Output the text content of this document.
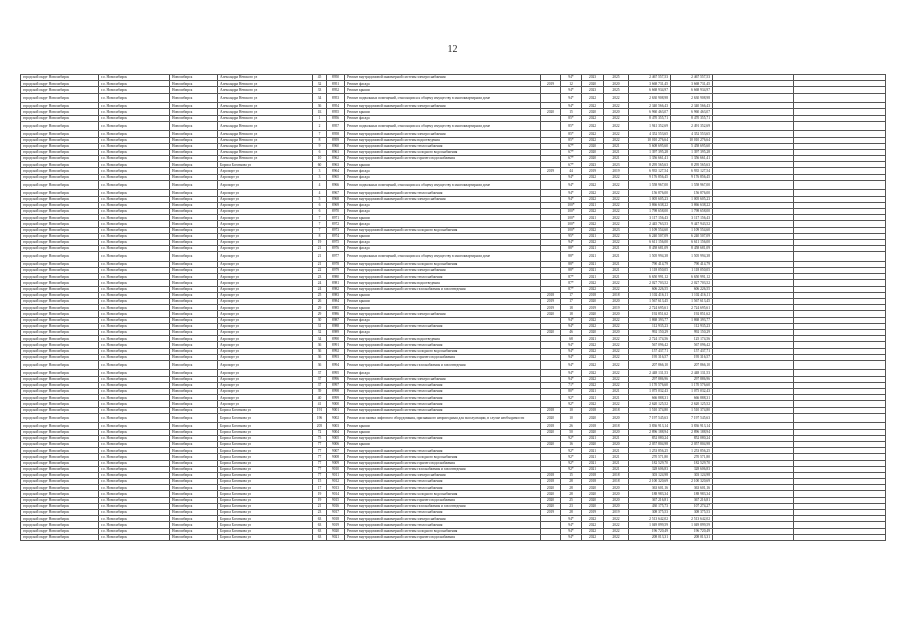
12
городской округ Новосибирск	г.о. Новосибирск	Новосибирск	Александра Невского ул	45	8950	Ремонт внутридомовой инженерной системы электроснабжения		94*	2023	2025	2 467 557,53	2 467 557,53		
городской округ Новосибирск	г.о. Новосибирск	Новосибирск	Александра Невского ул	32	8951	Ремонт фасада	2019	12	2020	2020	3 668 731,45	3 668 731,45		
городской округ Новосибирск	г.о. Новосибирск	Новосибирск	Александра Невского ул	33	8952	Ремонт крыши		94*	2023	2025	6 668 934,97	6 668 934,97		
городской округ Новосибирск	г.о. Новосибирск	Новосибирск	Александра Невского ул	34	8953	Ремонт подвальных помещений, относящихся к общему имуществу в многоквартирном доме		94*	2022	2022	2 630 908,98	2 630 908,98		
городской округ Новосибирск	г.о. Новосибирск	Новосибирск	Александра Невского ул	36	8954	Ремонт внутридомовой инженерной системы электроснабжения		94*	2022	2022	2 340 566,43	2 340 566,43		
городской округ Новосибирск	г.о. Новосибирск	Новосибирск	Александра Невского ул	1Б	8955	Ремонт крыши	2020	15	2020	2020	6 960 463,07	6 960 463,07		
городской округ Новосибирск	г.о. Новосибирск	Новосибирск	Александра Невского ул	1	8956	Ремонт фасада		85*	2022	2022	8 470 355,71	8 470 355,71		
городской округ Новосибирск	г.о. Новосибирск	Новосибирск	Александра Невского ул	2	8957	Ремонт подвальных помещений, относящихся к общему имуществу в многоквартирном доме		85*	2022	2022	1 941 352,69	2 491 352,69		
городской округ Новосибирск	г.о. Новосибирск	Новосибирск	Александра Невского ул	7	8958	Ремонт внутридомовой инженерной системы электроснабжения		85*	2022	2022	4 352 553,65	4 352 553,65		
городской округ Новосибирск	г.о. Новосибирск	Новосибирск	Александра Невского ул	8	8959	Ремонт внутридомовой инженерной системы водоотведения		85*	2022	2022	10 010 276,64	10 010 276,64		
городской округ Новосибирск	г.о. Новосибирск	Новосибирск	Александра Невского ул	9	8960	Ремонт внутридомовой инженерной системы теплоснабжения		67*	2020	2021	5 608 695,60	5 458 695,60		
городской округ Новосибирск	г.о. Новосибирск	Новосибирск	Александра Невского ул	6	8961	Ремонт внутридомовой инженерной системы холодного водоснабжения		67*	2020	2021	1 397 395,28	1 397 395,28		
городской округ Новосибирск	г.о. Новосибирск	Новосибирск	Александра Невского ул	10	8962	Ремонт внутридомовой инженерной системы горячего водоснабжения		67*	2020	2021	1 356 661,41	1 356 661,41		
городской округ Новосибирск	г.о. Новосибирск	Новосибирск	Бориса Богаткова ул	60	8963	Ремонт крыши		67*	2023	2023	8 295 565,63	8 295 565,63		
городской округ Новосибирск	г.о. Новосибирск	Новосибирск	Аэропорт ул	3	8964	Ремонт фасада	2019	44	2019	2019	6 935 127,54	6 935 127,54		
городской округ Новосибирск	г.о. Новосибирск	Новосибирск	Аэропорт ул	3	8965	Ремонт фасада		94*	2022	2022	9 176 856,45	9 176 856,45		
городской округ Новосибирск	г.о. Новосибирск	Новосибирск	Аэропорт ул	4	8966	Ремонт подвальных помещений, относящихся к общему имуществу в многоквартирном доме		94*	2022	2022	1 558 967,00	1 558 967,00		
городской округ Новосибирск	г.о. Новосибирск	Новосибирск	Аэропорт ул	4	8967	Ремонт внутридомовой инженерной системы теплоснабжения		94*	2022	2022	156 876,00	156 876,00		
городской округ Новосибирск	г.о. Новосибирск	Новосибирск	Аэропорт ул	5	8968	Ремонт внутридомовой инженерной системы электроснабжения		94*	2022	2022	1 005 605,23	1 005 605,23		
городской округ Новосибирск	г.о. Новосибирск	Новосибирск	Аэропорт ул	6	8969	Ремонт фасада		100*	2021	2022	3 866 638,22	3 866 638,22		
городской округ Новосибирск	г.о. Новосибирск	Новосибирск	Аэропорт ул	6	8970	Ремонт фасада		100*	2022	2022	1 798 658,00	1 798 658,00		
городской округ Новосибирск	г.о. Новосибирск	Новосибирск	Аэропорт ул	7	8971	Ремонт крыши		100*	2021	2022	3 117 156,43	3 117 156,43		
городской округ Новосибирск	г.о. Новосибирск	Новосибирск	Аэропорт ул	7	8972	Ремонт фасада		100*	2022	2022	2 445 763,53	9 447 943,52		
городской округ Новосибирск	г.о. Новосибирск	Новосибирск	Аэропорт ул	7	8973	Ремонт внутридомовой инженерной системы холодного водоснабжения		100*	2022	2023	1 109 554,60	1 109 554,60		
городской округ Новосибирск	г.о. Новосибирск	Новосибирск	Аэропорт ул	8	8974	Ремонт крыши		95*	2021	2022	6 240 507,09	6 240 507,09		
городской округ Новосибирск	г.о. Новосибирск	Новосибирск	Аэропорт ул	19	8975	Ремонт фасада		94*	2022	2022	6 611 156,00	6 611 156,00		
городской округ Новосибирск	г.о. Новосибирск	Новосибирск	Аэропорт ул	21	8976	Ремонт фасада		88*	2021	2021	8 458 681,09	8 458 681,09		
городской округ Новосибирск	г.о. Новосибирск	Новосибирск	Аэропорт ул	21	8977	Ремонт подвальных помещений, относящихся к общему имуществу в многоквартирном доме		88*	2021	2021	1 505 994,38	1 505 994,38		
городской округ Новосибирск	г.о. Новосибирск	Новосибирск	Аэропорт ул	21	8978	Ремонт внутридомовой инженерной системы холодного водоснабжения		88*	2021	2021	790 414,79	790 414,79		
городской округ Новосибирск	г.о. Новосибирск	Новосибирск	Аэропорт ул	22	8979	Ремонт внутридомовой инженерной системы электроснабжения		88*	2021	2021	1 118 050,05	1 118 050,05		
городской округ Новосибирск	г.о. Новосибирск	Новосибирск	Аэропорт ул	23	8980	Ремонт внутридомовой инженерной системы теплоснабжения		87*	2021	2021	6 650 991,12	6 650 991,12		
городской округ Новосибирск	г.о. Новосибирск	Новосибирск	Аэропорт ул	24	8981	Ремонт внутридомовой инженерной системы водоотведения		87*	2022	2022	2 027 703,52	2 027 703,52		
городской округ Новосибирск	г.о. Новосибирск	Новосибирск	Аэропорт ул	24	8982	Ремонт внутридомовой инженерной системы газоснабжения и газоотведения		87*	2022	2022	606 226,55	606 226,55		
городской округ Новосибирск	г.о. Новосибирск	Новосибирск	Аэропорт ул	25	8983	Ремонт крыши	2018	17	2018	2018	1 102 416,11	1 102 416,11		
городской округ Новосибирск	г.о. Новосибирск	Новосибирск	Аэропорт ул	26	8984	Ремонт крыши	2019	17	2020	2020	1 567 613,45	1 567 613,45		
городской округ Новосибирск	г.о. Новосибирск	Новосибирск	Аэропорт ул	29	8985	Ремонт крыши	2019	18	2019	2019	2 724 695,61	2 724 695,61		
городской округ Новосибирск	г.о. Новосибирск	Новосибирск	Аэропорт ул	29	8986	Ремонт внутридомовой инженерной системы электроснабжения	2020	18	2020	2020	192 851,62	192 851,62		
городской округ Новосибирск	г.о. Новосибирск	Новосибирск	Аэропорт ул	30	8987	Ремонт фасада		94*	2022	2022	1 868 393,77	1 868 393,77		
городской округ Новосибирск	г.о. Новосибирск	Новосибирск	Аэропорт ул	31	8988	Ремонт внутридомовой инженерной системы теплоснабжения		94*	2022	2022	112 935,23	112 935,23		
городской округ Новосибирск	г.о. Новосибирск	Новосибирск	Аэропорт ул	32	8989	Ремонт фасада	2020	46	2020	2020	992 150,29	992 150,29		
городской округ Новосибирск	г.о. Новосибирск	Новосибирск	Аэропорт ул	34	8990	Ремонт внутридомовой инженерной системы водоотведения		68	2021	2022	2 724 174,56	125 174,56		
городской округ Новосибирск	г.о. Новосибирск	Новосибирск	Аэропорт ул	36	8991	Ремонт внутридомовой инженерной системы теплоснабжения		94*	2022	2022	567 096,42	567 096,42		
городской округ Новосибирск	г.о. Новосибирск	Новосибирск	Аэропорт ул	36	8992	Ремонт внутридомовой инженерной системы холодного водоснабжения		94*	2022	2022	157 437,71	157 437,71		
городской округ Новосибирск	г.о. Новосибирск	Новосибирск	Аэропорт ул	36	8993	Ремонт внутридомовой инженерной системы горячего водоснабжения		94*	2022	2022	195 316,57	195 316,57		
городской округ Новосибирск	г.о. Новосибирск	Новосибирск	Аэропорт ул	36	8994	Ремонт внутридомовой инженерной системы газоснабжения и газоотведения		94*	2022	2022	207 866,10	207 866,10		
городской округ Новосибирск	г.о. Новосибирск	Новосибирск	Аэропорт ул	37	8995	Ремонт фасада		94*	2022	2022	2 448 131,53	2 448 131,53		
городской округ Новосибирск	г.о. Новосибирск	Новосибирск	Аэропорт ул	37	8996	Ремонт внутридомовой инженерной системы электроснабжения		94*	2022	2022	297 886,96	297 886,96		
городской округ Новосибирск	г.о. Новосибирск	Новосибирск	Аэропорт ул	37	8997	Ремонт внутридомовой инженерной системы теплоснабжения		71*	2022	2022	1 170 576,60	1 170 576,60		
городской округ Новосибирск	г.о. Новосибирск	Новосибирск	Аэропорт ул	39	8998	Ремонт внутридомовой инженерной системы теплоснабжения		80*	2021	2021	1 075 032,43	1 075 032,43		
городской округ Новосибирск	г.о. Новосибирск	Новосибирск	Аэропорт ул	40	8999	Ремонт внутридомовой инженерной системы теплоснабжения		92*	2021	2021	666 888,31	666 888,31		
городской округ Новосибирск	г.о. Новосибирск	Новосибирск	Аэропорт ул	41	9000	Ремонт внутридомовой инженерной системы теплоснабжения		92*	2022	2022	2 620 125,52	2 620 125,52		
городской округ Новосибирск	г.о. Новосибирск	Новосибирск	Бориса Богаткова ул	191	9001	Ремонт внутридомовой инженерной системы теплоснабжения	2018	10	2018	2018	1 510 374,80	1 510 374,80		
городской округ Новосибирск	г.о. Новосибирск	Новосибирск	Бориса Богаткова ул	196	9002	Ремонт или замена лифтового оборудования, признанного непригодным для эксплуатации, в случае необходимости	2020	10	2020	2020	7 197 545,63	7 197 545,63		
городской округ Новосибирск	г.о. Новосибирск	Новосибирск	Бориса Богаткова ул	205	9003	Ремонт крыши	2018	26	2018	2018	3 836 913,14	3 836 913,14		
городской округ Новосибирск	г.о. Новосибирск	Новосибирск	Бориса Богаткова ул	72	9004	Ремонт крыши	2020	50	2020	2020	2 896 188,94	2 896 188,94		
городской округ Новосибирск	г.о. Новосибирск	Новосибирск	Бориса Богаткова ул	75	9005	Ремонт внутридомовой инженерной системы теплоснабжения		92*	2021	2021	852 080,24	852 080,24		
городской округ Новосибирск	г.о. Новосибирск	Новосибирск	Бориса Богаткова ул	77	9006	Ремонт крыши	2020	16	2020	2020	2 057 804,98	2 057 804,98		
городской округ Новосибирск	г.о. Новосибирск	Новосибирск	Бориса Богаткова ул	77	9007	Ремонт внутридомовой инженерной системы теплоснабжения		92*	2021	2021	1 253 856,25	1 253 856,25		
городской округ Новосибирск	г.о. Новосибирск	Новосибирск	Бориса Богаткова ул	77	9008	Ремонт внутридомовой инженерной системы холодного водоснабжения		92*	2021	2021	270 571,80	270 571,80		
городской округ Новосибирск	г.о. Новосибирск	Новосибирск	Бориса Богаткова ул	77	9009	Ремонт внутридомовой инженерной системы горячего водоснабжения		92*	2021	2021	182 529,70	182 529,70		
городской округ Новосибирск	г.о. Новосибирск	Новосибирск	Бориса Богаткова ул	77	9010	Ремонт внутридомовой инженерной системы газоснабжения и газоотведения		92*	2021	2021	328 606,83	328 606,83		
городской округ Новосибирск	г.о. Новосибирск	Новосибирск	Бориса Богаткова ул	77	9011	Ремонт внутридомовой инженерной системы электроснабжения	2018	15	2018	2018	303 124,98	303 124,98		
городской округ Новосибирск	г.о. Новосибирск	Новосибирск	Бориса Богаткова ул	15	9012	Ремонт внутридомовой инженерной системы теплоснабжения	2018	28	2018	2018	2 100 320,69	2 100 320,69		
городской округ Новосибирск	г.о. Новосибирск	Новосибирск	Бориса Богаткова ул	17	9013	Ремонт внутридомовой инженерной системы теплоснабжения	2020	28	2020	2020	363 601,16	363 601,16		
городской округ Новосибирск	г.о. Новосибирск	Новосибирск	Бориса Богаткова ул	19	9014	Ремонт внутридомовой инженерной системы холодного водоснабжения	2020	28	2020	2020	188 983,34	188 983,34		
городской округ Новосибирск	г.о. Новосибирск	Новосибирск	Бориса Богаткова ул	19	9015	Ремонт внутридомовой инженерной системы горячего водоснабжения	2020	25	2020	2020	367 216,81	367 216,81		
городской округ Новосибирск	г.о. Новосибирск	Новосибирск	Бориса Богаткова ул	21	9016	Ремонт внутридомовой инженерной системы газоснабжения и газоотведения	2020	23	2020	2020	430 175,73	107 274,27		
городской округ Новосибирск	г.о. Новосибирск	Новосибирск	Бориса Богаткова ул	23	9017	Ремонт внутридомовой инженерной системы теплоснабжения	2019	28	2019	2019	308 375,53	308 375,53		
городской округ Новосибирск	г.о. Новосибирск	Новосибирск	Бориса Богаткова ул	63	9018	Ремонт внутридомовой инженерной системы электроснабжения		94*	2022	2022	2 513 642,02	2 513 642,02		
городской округ Новосибирск	г.о. Новосибирск	Новосибирск	Бориса Богаткова ул	63	9019	Ремонт внутридомовой инженерной системы теплоснабжения		94*	2022	2022	1 049 899,59	1 049 899,59		
городской округ Новосибирск	г.о. Новосибирск	Новосибирск	Бориса Богаткова ул	63	9020	Ремонт внутридомовой инженерной системы холодного водоснабжения		94*	2022	2022	196 720,49	196 720,49		
городской округ Новосибирск	г.о. Новосибирск	Новосибирск	Бориса Богаткова ул	63	9021	Ремонт внутридомовой инженерной системы горячего водоснабжения		94*	2022	2022	208 013,31	208 013,31		
